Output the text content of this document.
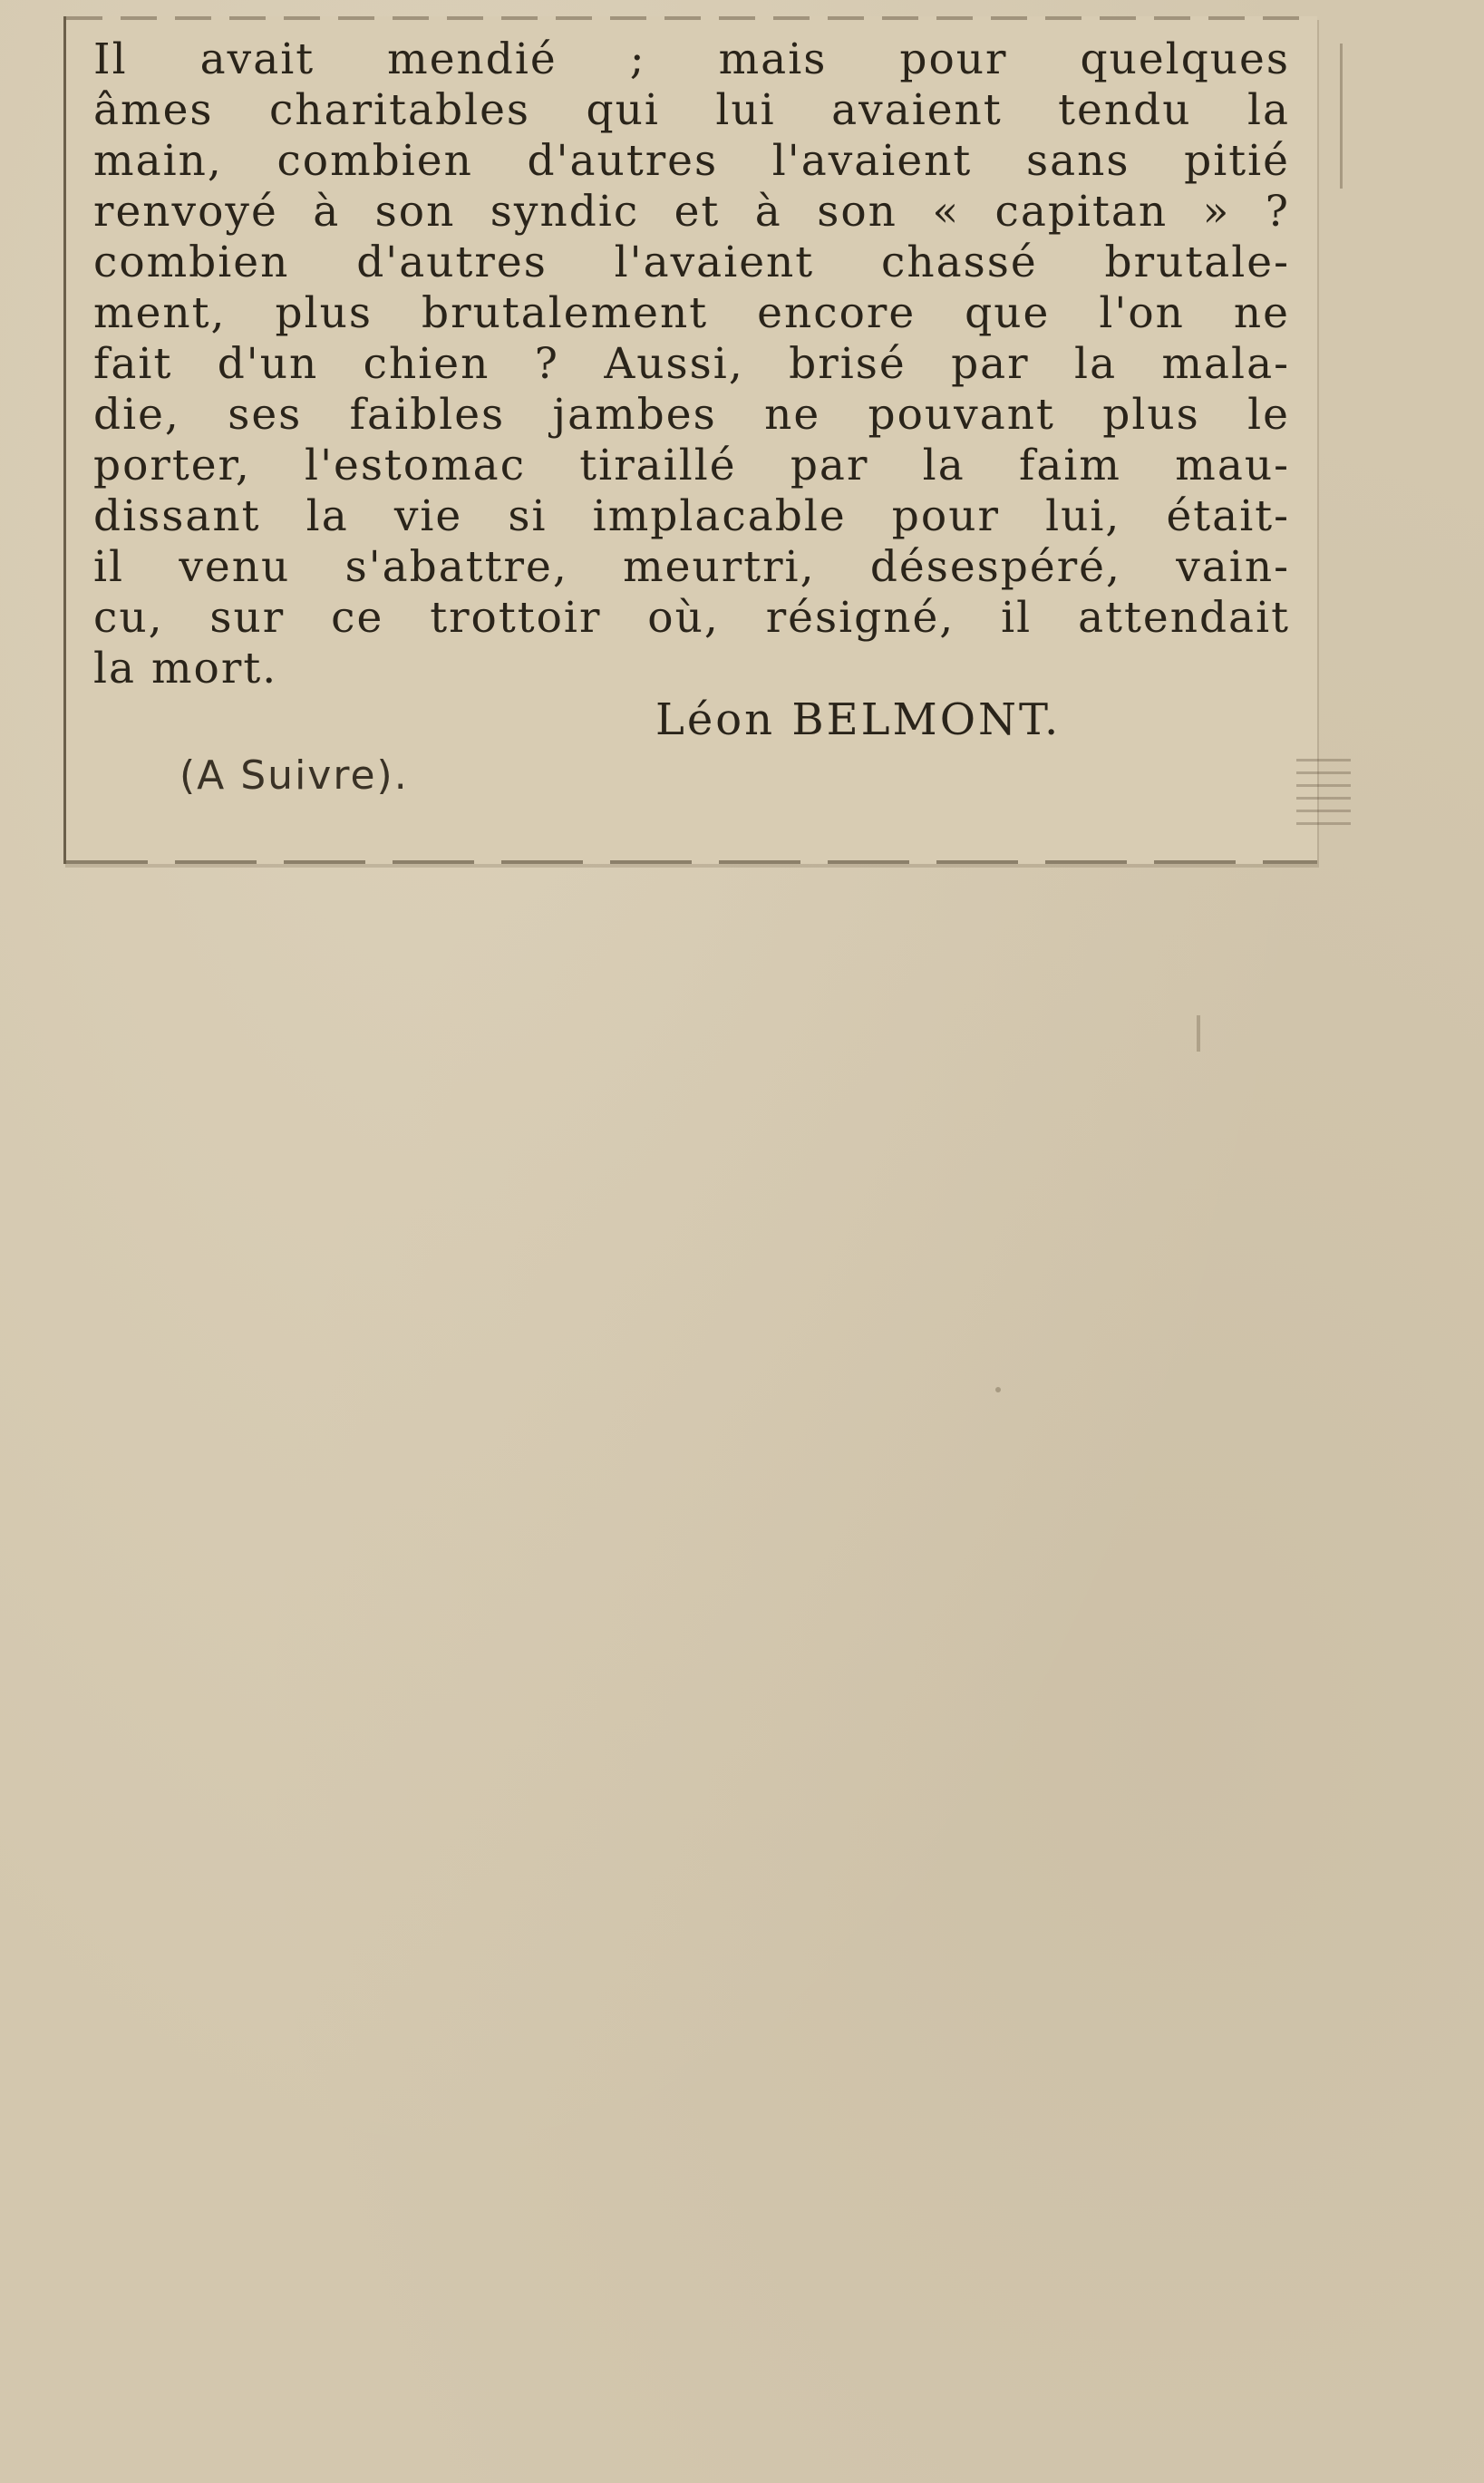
Il avait mendié ; mais pour quelques
âmes charitables qui lui avaient tendu la
main, combien d'autres l'avaient sans pitié
renvoyé à son syndic et à son « capitan » ?
combien d'autres l'avaient chassé brutale-
ment, plus brutalement encore que l'on ne
fait d'un chien ? Aussi, brisé par la mala-
die, ses faibles jambes ne pouvant plus le
porter, l'estomac tiraillé par la faim mau-
dissant la vie si implacable pour lui, était-
il venu s'abattre, meurtri, désespéré, vain-
cu, sur ce trottoir où, résigné, il attendait
la mort.
Léon BELMONT.
(A Suivre).
